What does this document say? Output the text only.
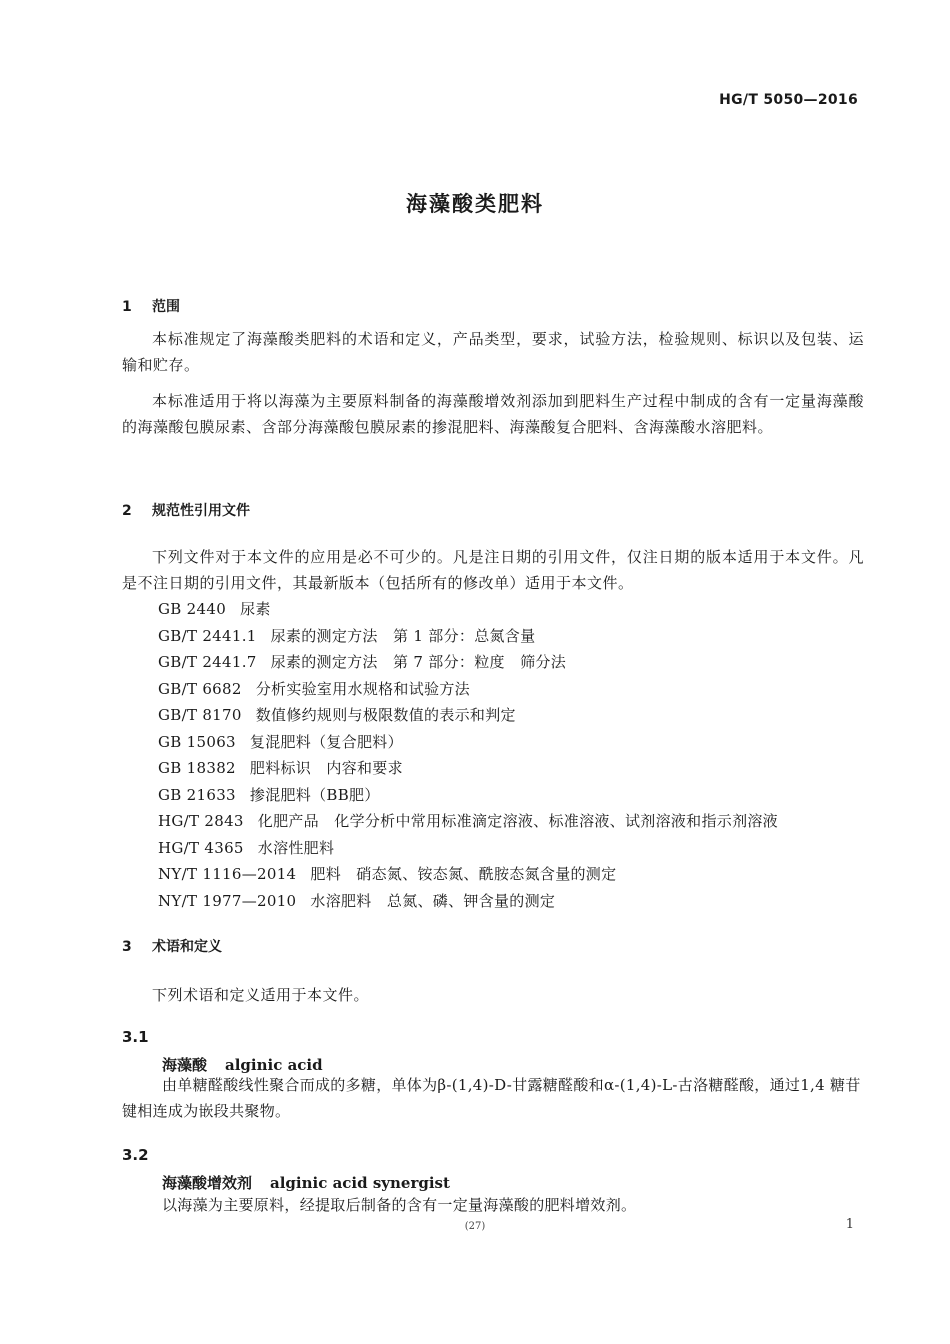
HG/T 5050—2016
海藻酸类肥料
1 范围

本标准规定了海藻酸类肥料的术语和定义，产品类型，要求，试验方法，检验规则、标识以及包装、运输和贮存。

本标准适用于将以海藻为主要原料制备的海藻酸增效剂添加到肥料生产过程中制成的含有一定量海藻酸的海藻酸包膜尿素、含部分海藻酸包膜尿素的掺混肥料、海藻酸复合肥料、含海藻酸水溶肥料。

2 规范性引用文件

下列文件对于本文件的应用是必不可少的。凡是注日期的引用文件，仅注日期的版本适用于本文件。凡是不注日期的引用文件，其最新版本（包括所有的修改单）适用于本文件。

GB 2440 尿素
GB/T 2441.1 尿素的测定方法　第 1 部分：总氮含量
GB/T 2441.7 尿素的测定方法　第 7 部分：粒度　筛分法
GB/T 6682 分析实验室用水规格和试验方法
GB/T 8170 数值修约规则与极限数值的表示和判定
GB 15063 复混肥料（复合肥料）
GB 18382 肥料标识　内容和要求
GB 21633 掺混肥料（BB肥）
HG/T 2843 化肥产品　化学分析中常用标准滴定溶液、标准溶液、试剂溶液和指示剂溶液
HG/T 4365 水溶性肥料
NY/T 1116—2014 肥料　硝态氮、铵态氮、酰胺态氮含量的测定
NY/T 1977—2010 水溶肥料　总氮、磷、钾含量的测定
3 术语和定义

下列术语和定义适用于本文件。

3.1
海藻酸 alginic acid

由单糖醛酸线性聚合而成的多糖，单体为β-(1,4)-D-甘露糖醛酸和α-(1,4)-L-古洛糖醛酸，通过1,4 糖苷键相连成为嵌段共聚物。

3.2
海藻酸增效剂 alginic acid synergist

以海藻为主要原料，经提取后制备的含有一定量海藻酸的肥料增效剂。

(27)	1
